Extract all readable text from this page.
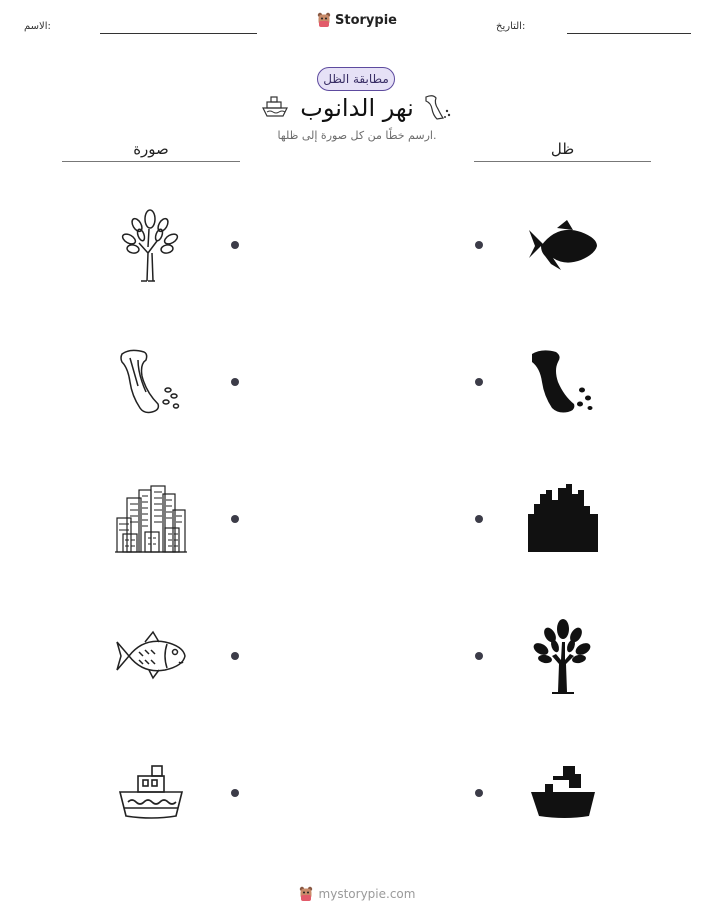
الاسم:	Storypie	التاريخ:
مطابقة الظل
نهر الدانوب
ارسم خطًا من كل صورة إلى ظلها.
صورة	ظل
mystorypie.com
